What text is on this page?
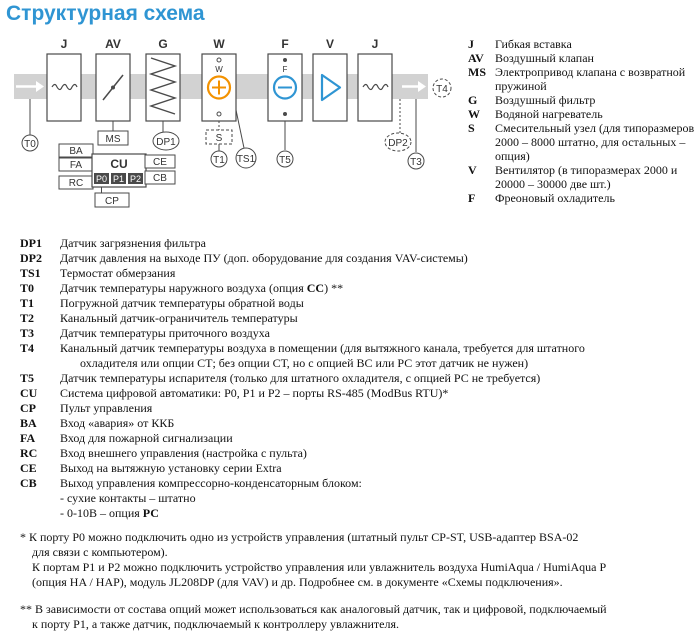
Структурная схема
J	AV
MS
G
DP1
W
W
S
T1 TS1
F
F
T5
V	J
T0	DP2
T3
T4
BA
FA
RC
CU
P0 P1 P2
CE
CB
CP
J	Гибкая вставка
AV Воздушный клапан
MS Электропривод клапана с возвратной пружиной
G	Воздушный фильтр
W	Водяной нагреватель
S	Смесительный узел (для типоразмеров 2000 – 8000 штатно, для остальных – опция)
V	Вентилятор (в типоразмерах 2000 и 20000 – 30000 две шт.)
F	Фреоновый охладитель
DP1	Датчик загрязнения фильтра
DP2	Датчик давления на выходе ПУ (доп. оборудование для создания VAV-системы)
TS1	Термостат обмерзания
T0	Датчик температуры наружного воздуха (опция CC) **
T1	Погружной датчик температуры обратной воды
T2	Канальный датчик-ограничитель температуры
T3	Датчик температуры приточного воздуха
T4	Канальный датчик температуры воздуха в помещении (для вытяжного канала, требуется для штатного
охладителя или опции СТ; без опции СТ, но с опцией ВС или РС этот датчик не нужен)
T5	Датчик температуры испарителя (только для штатного охладителя, с опцией РС не требуется)
CU	Система цифровой автоматики: P0, P1 и P2 – порты RS-485 (ModBus RTU)*
CP	Пульт управления
BA	Вход «авария» от ККБ
FA	Вход для пожарной сигнализации
RC	Вход внешнего управления (настройка с пульта)
CE	Выход на вытяжную установку серии Extra
CB	Выход управления компрессорно-конденсаторным блоком:
- сухие контакты – штатно
- 0-10В – опция РС
* К порту P0 можно подключить одно из устройств управления (штатный пульт CP-ST, USB-адаптер BSA-02
для связи с компьютером).
К портам P1 и P2 можно подключить устройство управления или увлажнитель воздуха HumiAqua / HumiAqua P
(опция HA / HAP), модуль JL208DP (для VAV) и др. Подробнее см. в документе «Схемы подключения».
** В зависимости от состава опций может использоваться как аналоговый датчик, так и цифровой, подключаемый
к порту P1, а также датчик, подключаемый к контроллеру увлажнителя.
